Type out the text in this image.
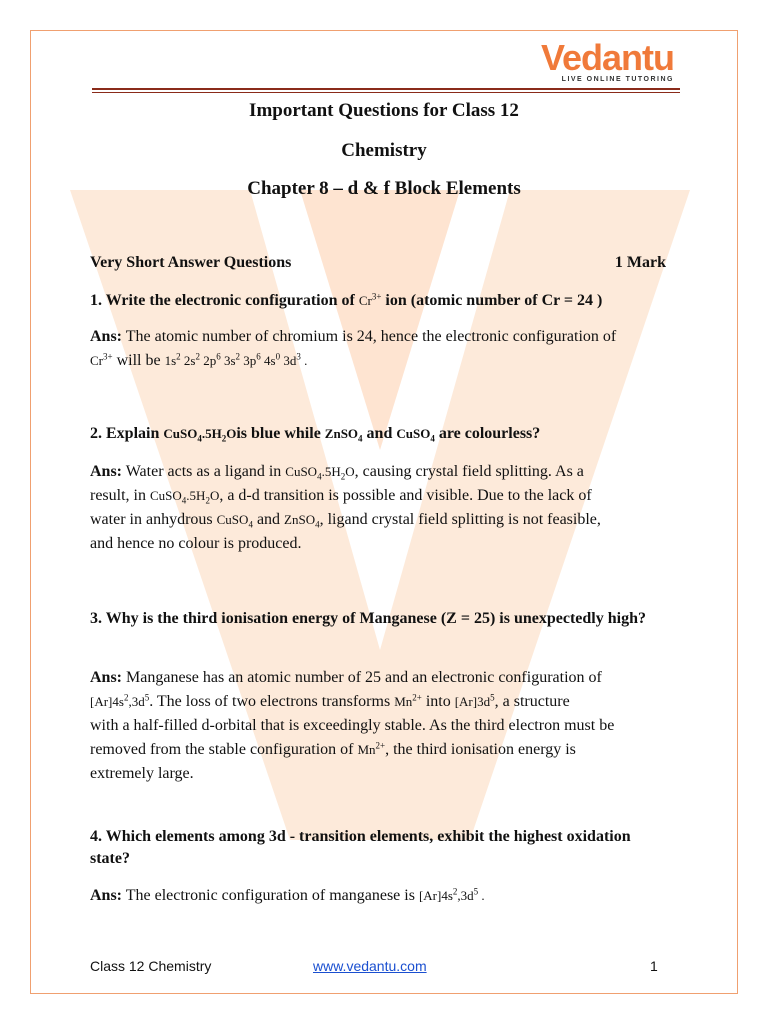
Vedantu
LIVE ONLINE TUTORING
Important Questions for Class 12
Chemistry
Chapter 8 – d & f Block Elements
Very Short Answer Questions	1 Mark
1. Write the electronic configuration of $Cr^{3+}$ ion (atomic number of Cr = 24 )
Ans: The atomic number of chromium is 24, hence the electronic configuration of
$Cr^{3+}$ will be $1s^2$ $2s^2$ $2p^6$ $3s^2$ $3p^6$ $4s^0$ $3d^3$ .
2. Explain $CuSO_4.5H_2Ois$ blue while ZnSO$_4$ and CuSO$_4$ are colourless?
Ans: Water acts as a ligand in $CuSO_4.5H_2O$, causing crystal field splitting. As a
result, in $CuSO_4.5H_2O$, a d-d transition is possible and visible. Due to the lack of
water in anhydrous CuSO$_4$ and ZnSO$_4$, ligand crystal field splitting is not feasible,
and hence no colour is produced.
3. Why is the third ionisation energy of Manganese (Z = 25) is unexpectedly high?
Ans: Manganese has an atomic number of 25 and an electronic configuration of
$[Ar]4s^2,3d^5$. The loss of two electrons transforms $Mn^{2+}$ into $[Ar]3d^5$, a structure
with a half-filled d-orbital that is exceedingly stable. As the third electron must be
removed from the stable configuration of $Mn^{2+}$, the third ionisation energy is
extremely large.
4. Which elements among 3d - transition elements, exhibit the highest oxidation state?
Ans: The electronic configuration of manganese is $[Ar]4s^2,3d^5$ .
Class 12 Chemistry	www.vedantu.com	1
